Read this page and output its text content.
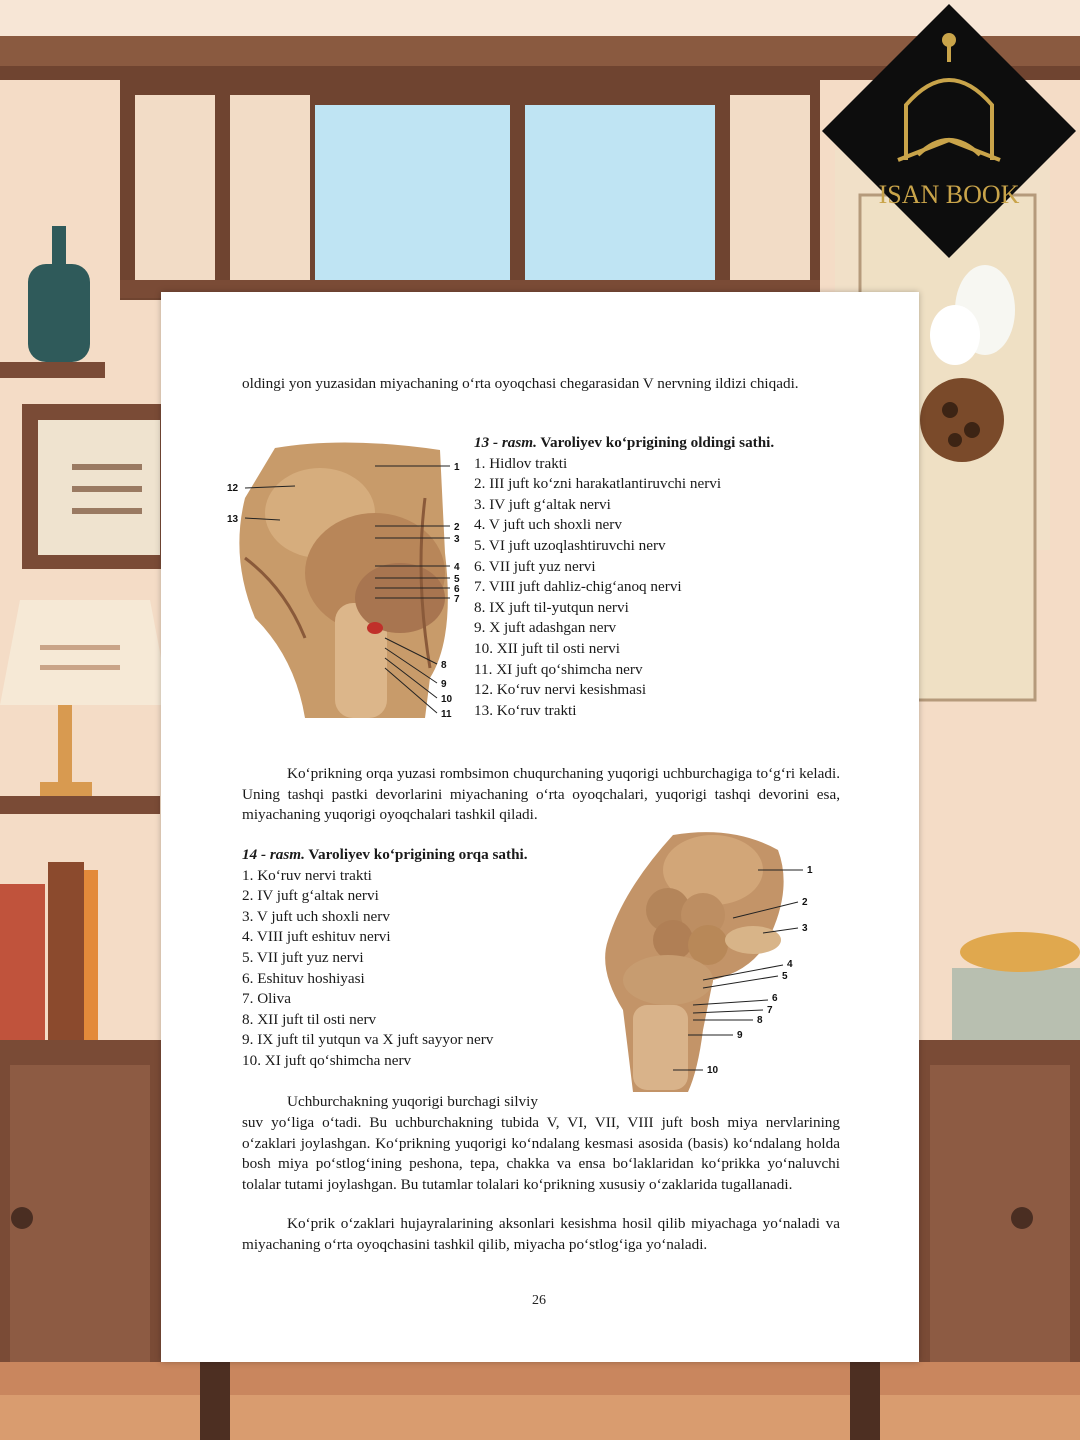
ISAN BOOK
oldingi yon yuzasidan miyachaning oʻrta oyoqchasi chegarasidan V nervning ildizi chiqadi.
1
2
3
4
5
6
7
8
9
10
11
12
13
13 - rasm. Varoliyev koʻprigining oldingi sathi.
1. Hidlov trakti
2. III juft koʻzni harakatlantiruvchi nervi
3. IV juft gʻaltak nervi
4. V juft uch shoxli nerv
5. VI juft uzoqlashtiruvchi nerv
6. VII juft yuz nervi
7. VIII juft dahliz-chigʻanoq nervi
8. IX juft til-yutqun nervi
9. X juft adashgan nerv
10. XII juft til osti nervi
11. XI juft qoʻshimcha nerv
12. Koʻruv nervi kesishmasi
13. Koʻruv trakti
Koʻprikning orqa yuzasi rombsimon chuqurchaning yuqorigi uchburchagiga toʻgʻri keladi. Uning tashqi pastki devorlarini miyachaning oʻrta oyoqchalari, yuqorigi tashqi devorini esa, miyachaning yuqorigi oyoqchalari tashkil qiladi.
14 - rasm. Varoliyev koʻprigining orqa sathi.
1. Koʻruv nervi trakti
2. IV juft gʻaltak nervi
3. V juft uch shoxli nerv
4. VIII juft eshituv nervi
5. VII juft yuz nervi
6. Eshituv hoshiyasi
7. Oliva
8. XII juft til osti nerv
9. IX juft til yutqun va X juft sayyor nerv
10. XI juft qoʻshimcha nerv
1
2
3
4
5
6
7
8
9
10
Uchburchakning yuqorigi burchagi silviy
suv yoʻliga oʻtadi. Bu uchburchakning tubida V, VI, VII, VIII juft bosh miya nervlarining oʻzaklari joylashgan. Koʻprikning yuqorigi koʻndalang kesmasi asosida (basis) koʻndalang holda bosh miya poʻstlogʻining peshona, tepa, chakka va ensa boʻlaklaridan koʻprikka yoʻnaluvchi tolalar tutami joylashgan. Bu tutamlar tolalari koʻprikning xususiy oʻzaklarida tugallanadi.
Koʻprik oʻzaklari hujayralarining aksonlari kesishma hosil qilib miyachaga yoʻnaladi va miyachaning oʻrta oyoqchasini tashkil qilib, miyacha poʻstlogʻiga yoʻnaladi.
26
